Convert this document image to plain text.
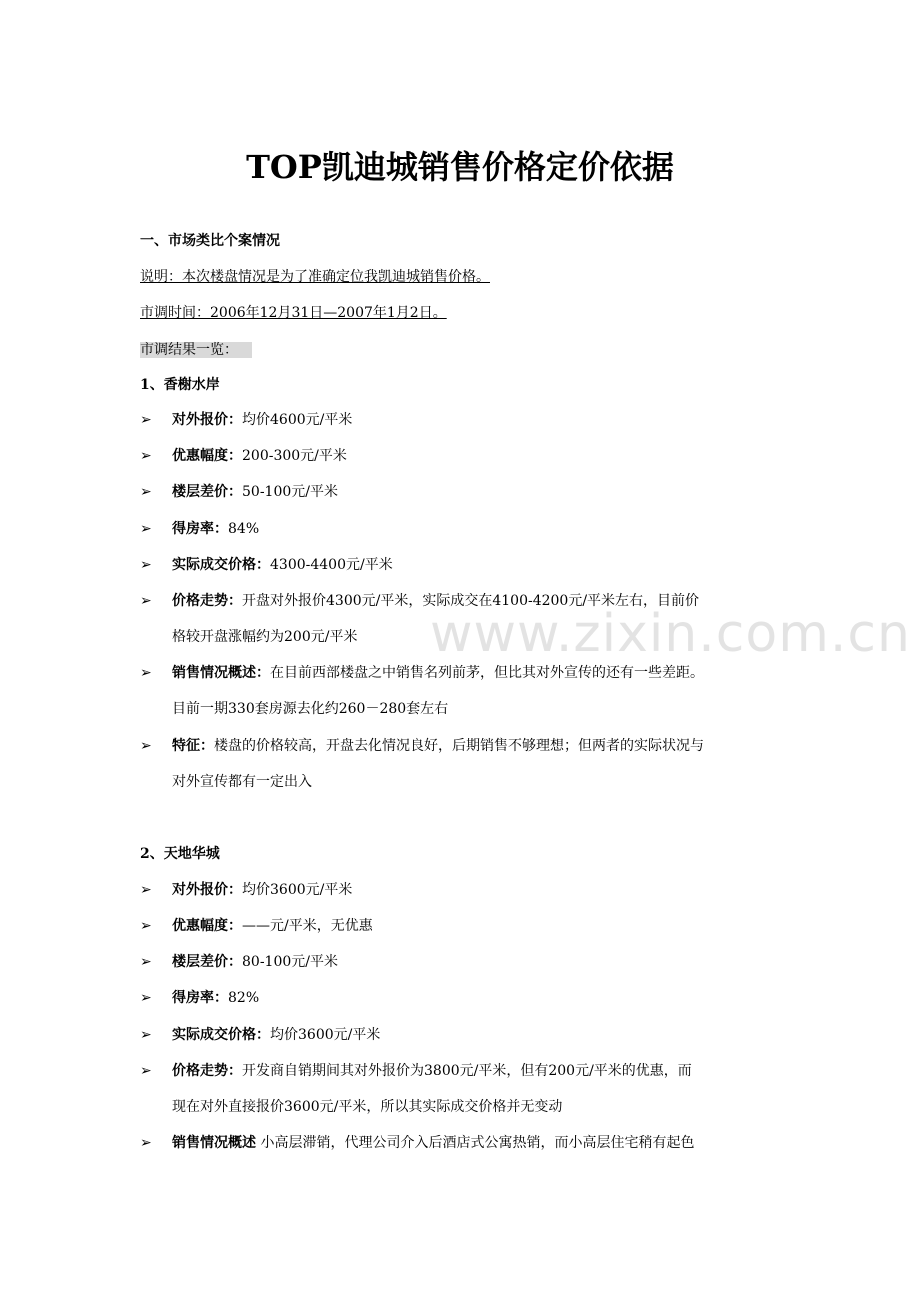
www.zixin.com.cn
TOP凯迪城销售价格定价依据
一、市场类比个案情况
说明：本次楼盘情况是为了准确定位我凯迪城销售价格。
市调时间：2006年12月31日—2007年1月2日。
市调结果一览：
1、香榭水岸
➢ 对外报价：均价4600元/平米
➢ 优惠幅度：200-300元/平米
➢ 楼层差价：50-100元/平米
➢ 得房率：84%
➢ 实际成交价格：4300-4400元/平米
➢ 价格走势：开盘对外报价4300元/平米，实际成交在4100-4200元/平米左右，目前价
格较开盘涨幅约为200元/平米
➢ 销售情况概述：在目前西部楼盘之中销售名列前茅，但比其对外宣传的还有一些差距。
目前一期330套房源去化约260－280套左右
➢ 特征：楼盘的价格较高，开盘去化情况良好，后期销售不够理想；但两者的实际状况与
对外宣传都有一定出入
2、天地华城
➢ 对外报价：均价3600元/平米
➢ 优惠幅度：——元/平米，无优惠
➢ 楼层差价：80-100元/平米
➢ 得房率：82%
➢ 实际成交价格：均价3600元/平米
➢ 价格走势：开发商自销期间其对外报价为3800元/平米，但有200元/平米的优惠，而
现在对外直接报价3600元/平米，所以其实际成交价格并无变动
➢ 销售情况概述 小高层滞销，代理公司介入后酒店式公寓热销，而小高层住宅稍有起色
